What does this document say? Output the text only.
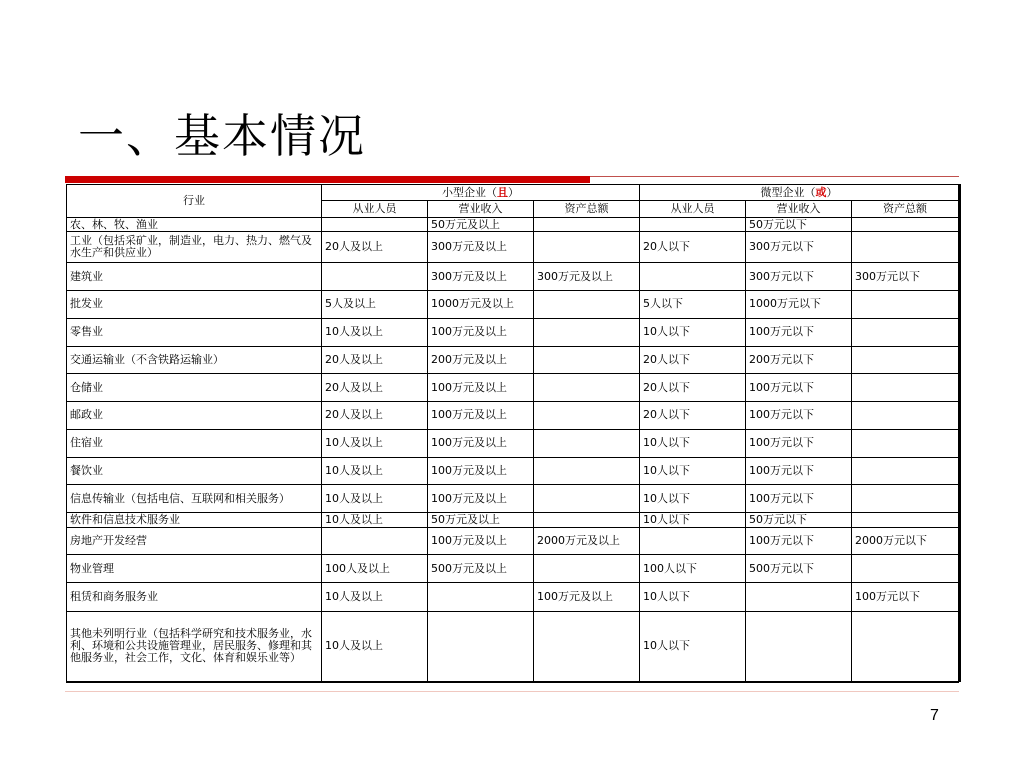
一、基本情况
行业	小型企业（且）			微型企业（或）		
	从业人员	营业收入	资产总额	从业人员	营业收入	资产总额
农、林、牧、渔业		50万元及以上			50万元以下	
工业（包括采矿业，制造业，电力、热力、燃气及水生产和供应业）	20人及以上	300万元及以上		20人以下	300万元以下	
建筑业		300万元及以上	300万元及以上		300万元以下	300万元以下
批发业	5人及以上	1000万元及以上		5人以下	1000万元以下	
零售业	10人及以上	100万元及以上		10人以下	100万元以下	
交通运输业（不含铁路运输业）	20人及以上	200万元及以上		20人以下	200万元以下	
仓储业	20人及以上	100万元及以上		20人以下	100万元以下	
邮政业	20人及以上	100万元及以上		20人以下	100万元以下	
住宿业	10人及以上	100万元及以上		10人以下	100万元以下	
餐饮业	10人及以上	100万元及以上		10人以下	100万元以下	
信息传输业（包括电信、互联网和相关服务）	10人及以上	100万元及以上		10人以下	100万元以下	
软件和信息技术服务业	10人及以上	50万元及以上		10人以下	50万元以下	
房地产开发经营		100万元及以上	2000万元及以上		100万元以下	2000万元以下
物业管理	100人及以上	500万元及以上		100人以下	500万元以下	
租赁和商务服务业	10人及以上		100万元及以上	10人以下		100万元以下
其他未列明行业（包括科学研究和技术服务业，水利、环境和公共设施管理业，居民服务、修理和其他服务业，社会工作，文化、体育和娱乐业等）	10人及以上			10人以下		
7
